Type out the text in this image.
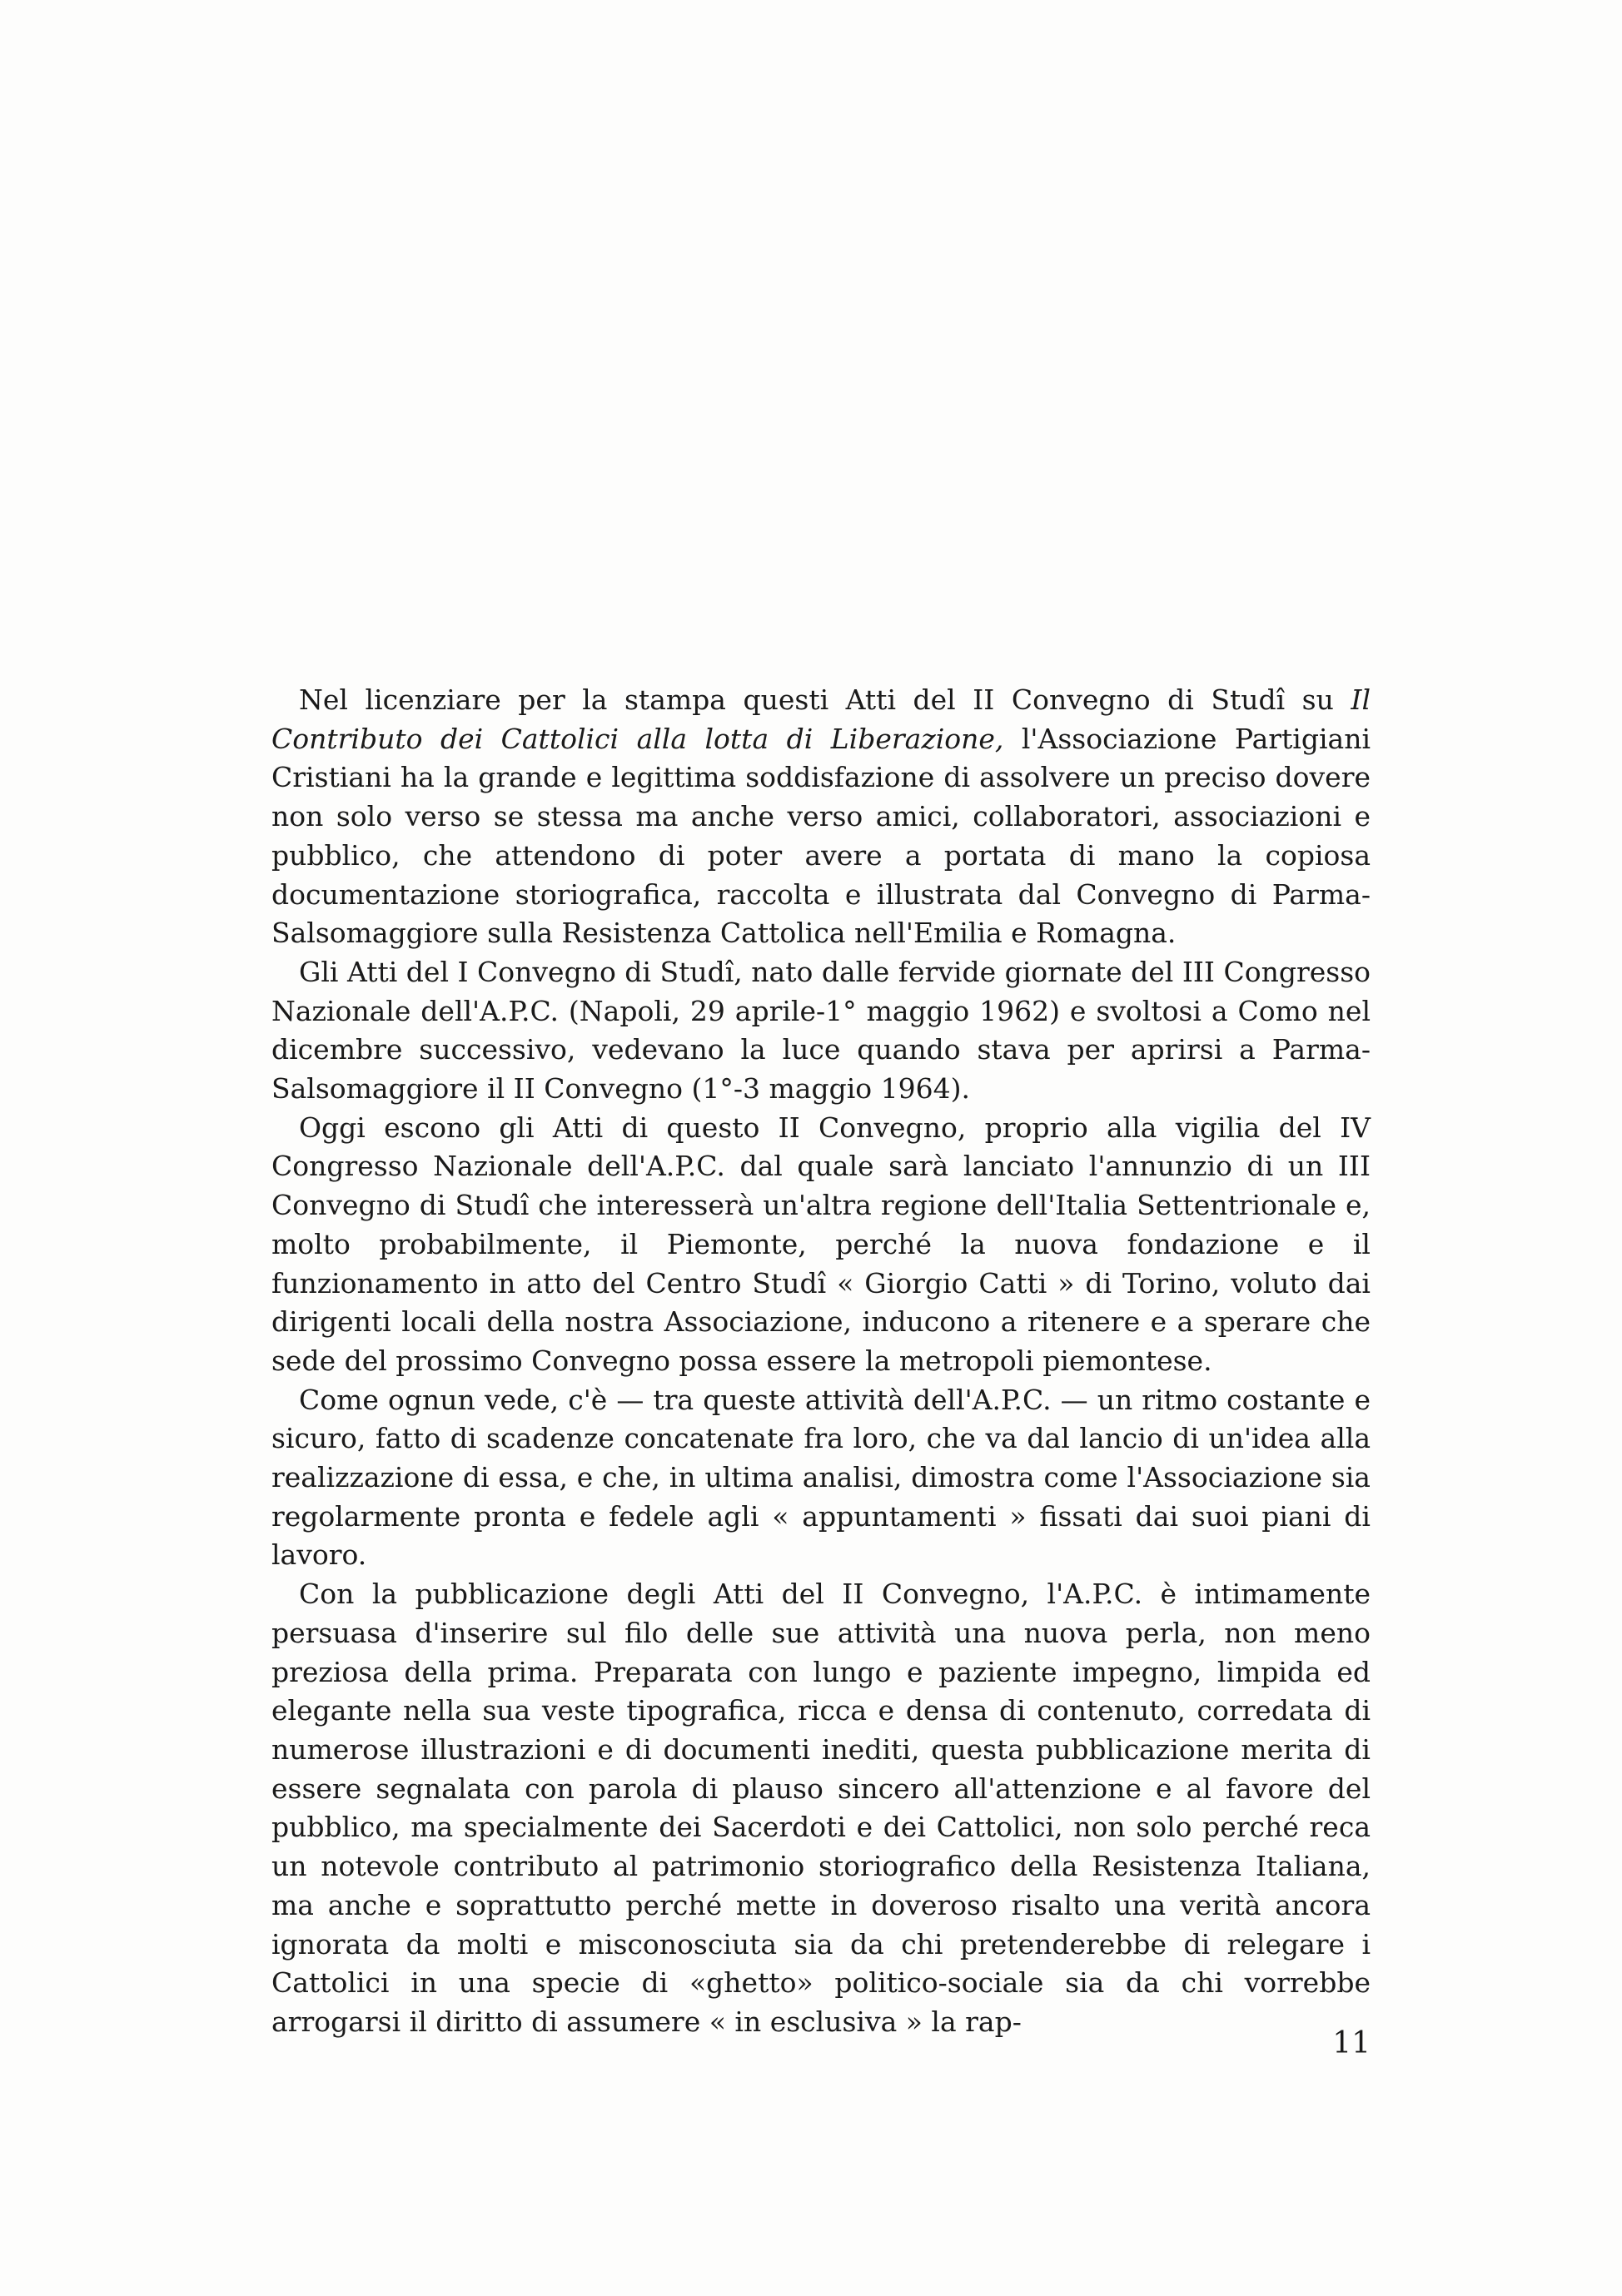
Nel licenziare per la stampa questi Atti del II Convegno di Studî su Il Contributo dei Cattolici alla lotta di Liberazione, l'Associazione Partigiani Cristiani ha la grande e legittima soddisfazione di assolvere un preciso dovere non solo verso se stessa ma anche verso amici, collaboratori, associazioni e pubblico, che attendono di poter avere a portata di mano la copiosa documentazione storiografica, raccolta e illustrata dal Convegno di Parma-Salsomaggiore sulla Resistenza Cattolica nell'Emilia e Romagna.

Gli Atti del I Convegno di Studî, nato dalle fervide giornate del III Congresso Nazionale dell'A.P.C. (Napoli, 29 aprile-1° maggio 1962) e svoltosi a Como nel dicembre successivo, vedevano la luce quando stava per aprirsi a Parma-Salsomaggiore il II Convegno (1°-3 maggio 1964).

Oggi escono gli Atti di questo II Convegno, proprio alla vigilia del IV Congresso Nazionale dell'A.P.C. dal quale sarà lanciato l'annunzio di un III Convegno di Studî che interesserà un'altra regione dell'Italia Settentrionale e, molto probabilmente, il Piemonte, perché la nuova fondazione e il funzionamento in atto del Centro Studî « Giorgio Catti » di Torino, voluto dai dirigenti locali della nostra Associazione, inducono a ritenere e a sperare che sede del prossimo Convegno possa essere la metropoli piemontese.

Come ognun vede, c'è — tra queste attività dell'A.P.C. — un ritmo costante e sicuro, fatto di scadenze concatenate fra loro, che va dal lancio di un'idea alla realizzazione di essa, e che, in ultima analisi, dimostra come l'Associazione sia regolarmente pronta e fedele agli « appuntamenti » fissati dai suoi piani di lavoro.

Con la pubblicazione degli Atti del II Convegno, l'A.P.C. è intimamente persuasa d'inserire sul filo delle sue attività una nuova perla, non meno preziosa della prima. Preparata con lungo e paziente impegno, limpida ed elegante nella sua veste tipografica, ricca e densa di contenuto, corredata di numerose illustrazioni e di documenti inediti, questa pubblicazione merita di essere segnalata con parola di plauso sincero all'attenzione e al favore del pubblico, ma specialmente dei Sacerdoti e dei Cattolici, non solo perché reca un notevole contributo al patrimonio storiografico della Resistenza Italiana, ma anche e soprattutto perché mette in doveroso risalto una verità ancora ignorata da molti e misconosciuta sia da chi pretenderebbe di relegare i Cattolici in una specie di «ghetto» politico-sociale sia da chi vorrebbe arrogarsi il diritto di assumere « in esclusiva » la rap-

11
